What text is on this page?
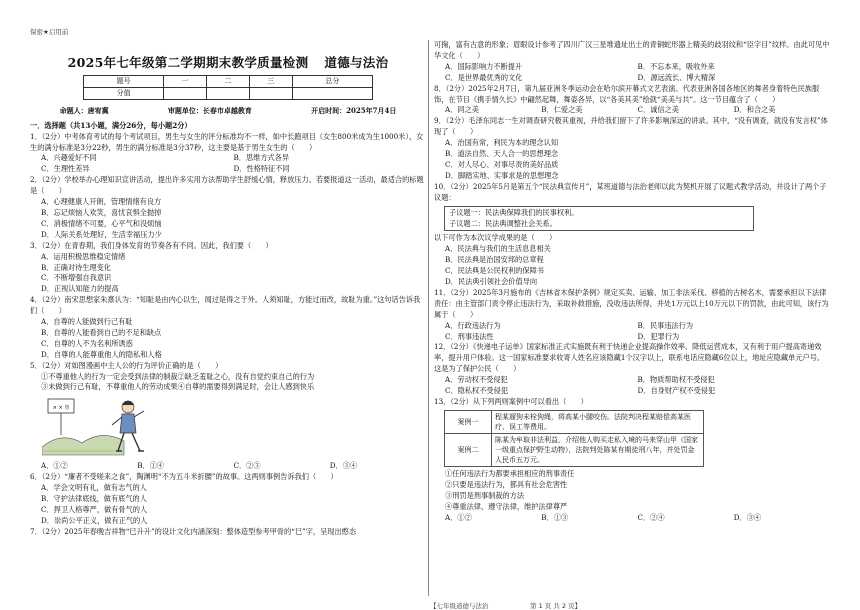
保密★启用前
2025年七年级第二学期期末教学质量检测 道德与法治
题号	一	二	三	总分
分值				
命题人：唐宥冀	审题单位：长春市卓越教育	开启时间：2025年7月4日

一．选择题（共13小题，满分26分，每小题2分）

1．（2分）中考体育考试的每个考试项目，男生与女生的评分标准均不一样，如中长跑项目（女生800米成为生1000米），女生的满分标准是3分22秒，男生的满分标准是3分37秒，这主要是基于男生女生的（　　）

A．兴趣爱好不同	B．思维方式各异
C．生理性差异	D．性格特征不同

2．（2分）学校举办心理知识宣讲活动，提出许多实用方法帮助学生舒缓心情，释放压力。若要报道这一活动，最适合的标题是（　　）

A．心理健康人开朗，管理情绪有良方

B．忘记烦恼人欢笑，喜忧哀惧全抛掉

C．消极情绪不可要，心平气和没烦恼

D．人际关系处理好，生活幸福压力少

3．（2分）在青春期，我们身体发育的节奏各有不同。因此，我们要（　　）

A．运用积极思维稳定情绪

B．正确对待生理变化

C．不断增强自我意识

D．正视认知能力的提高

4．（2分）南宋思想家朱熹认为：“知耻是由内心以生，闻过是得之于外。人须知耻，方能过而改，故耻为重。”这句话告诉我们（　　）

A．自尊的人能做到行己有耻

B．自尊的人能看到自己的不足和缺点

C．自尊的人不为名利所诱惑

D．自尊的人能尊重他人的隐私和人格

5．（2分）对如图漫画中主人公的行为评价正确的是（　　）

①不尊重他人的行为一定会受到法律的制裁②缺乏羞耻之心，没有自觉约束自己的行为

③未做到行己有耻，不尊重他人的劳动成果④自尊的需要得到满足时，会让人感到快乐

× × 勿
A．①②	B．①④	C．②③	D．③④

6．（2分）“廉者不受嗟来之食”，陶渊明“不为五斗米折腰”的故事。这两则事例告诉我们（　　）

A．学会文明有礼，做有志气的人

B．守护法律底线，做有底气的人

C．捍卫人格尊严，做有骨气的人

D．崇尚公平正义，做有正气的人

7．（2分）2025年春晚吉祥物“巳升升”的设计文化内涵深刻：整体造型参考甲骨的“巳”字，呈现出憨态

可掬，富有古意的形象；眉眼设计参考了四川广汉三星堆遗址出土的青铜蛇形器上精美的歧羽纹和“臣字目”纹样。由此可见中华文化（　　）

A．国际影响力不断提升	B．不忘本来，吸收外来
C．是世界最优秀的文化	D．源远流长、博大精深

8．（2分）2025年2月7日，第九届亚洲冬季运动会在哈尔滨开幕式文艺表演。代表亚洲各国各地区的舞者身着特色民族服饰，在节目《携手情久长》中翩然起舞，舞姿各异，以“各美其美”绘就“美美与共”。这一节目蕴含了（　　）

A．同之美	B．仁爱之美	C．诚信之美	D．和合之美

9．（2分）毛泽东同志一生对调查研究极其重视，并给我们留下了许多影响深远的讲录。其中，“没有调查，就没有发言权”体现了（　　）

A．治国有常，利民为本的理念认知

B．道法自然、天人合一的思想理念

C．对人尽心、对事尽责的美好品质

D．脚踏实地、实事求是的思想理念

10．（2分）2025年5月是第五个“民法典宣传月”，某班道德与法治老师以此为契机开展了议题式教学活动，并设计了两个子议题：

子议题一：民法典保障我们的民事权利。
子议题二：民法典调整社会关系。

以下可作为本次议学成果的是（　　）

A．民法典与我们的生活息息相关

B．民法典是治国安邦的总章程

C．民法典是公民权利的保障书

D．民法典引领社会价值导向

11．（2分）2025年3月施布的《吉林省木保护条例》规定买卖、运输、加工非法采伐、移植的古树名木，需要承担以下法律责任：由主管部门责令停止违法行为，采取补救措施，没收违法所得，并处1万元以上10万元以下的罚款，由此可知，该行为属于（　　）

A．行政违法行为	B．民事违法行为
C．刑事违法性	D．犯罪行为

12．（2分）《快递电子运单》国家标准正式实施既有利于快递企业提高操作效率、降低运营成本，又有利于用户提高寄递效率，提升用户体验。这一国家标准要求收寄人姓名应该隐藏1个汉字以上，联系电话应隐藏6位以上，地址应隐藏单元户号。这是为了保护公民（　　）

A．劳动权不受侵犯	B．物质帮助权不受侵犯
C．隐私权不受侵犯	D．自身财产权不受侵犯

13．（2分）从下列两则案例中可以看出（　　）

案例一	程某遛狗未栓狗绳，将高某小腿咬伤。法院判决程某赔偿高某医疗、误工等费用。
案例二	陈某为牟取非法利益，介绍他人购买走私入境的马来穿山甲（国家一级重点保护野生动物），法院判处陈某有期徒刑八年，并处罚金人民币五万元。

①任何违法行为都要承担相应的刑事责任

②只要是违法行为，都具有社会危害性

③刑罚是刑事制裁的方法

④尊重法律，遵守法律，维护法律尊严

A．①②	B．①③	C．②④	D．③④
【七年级道德与法治	第 1 页 共 2 页】
